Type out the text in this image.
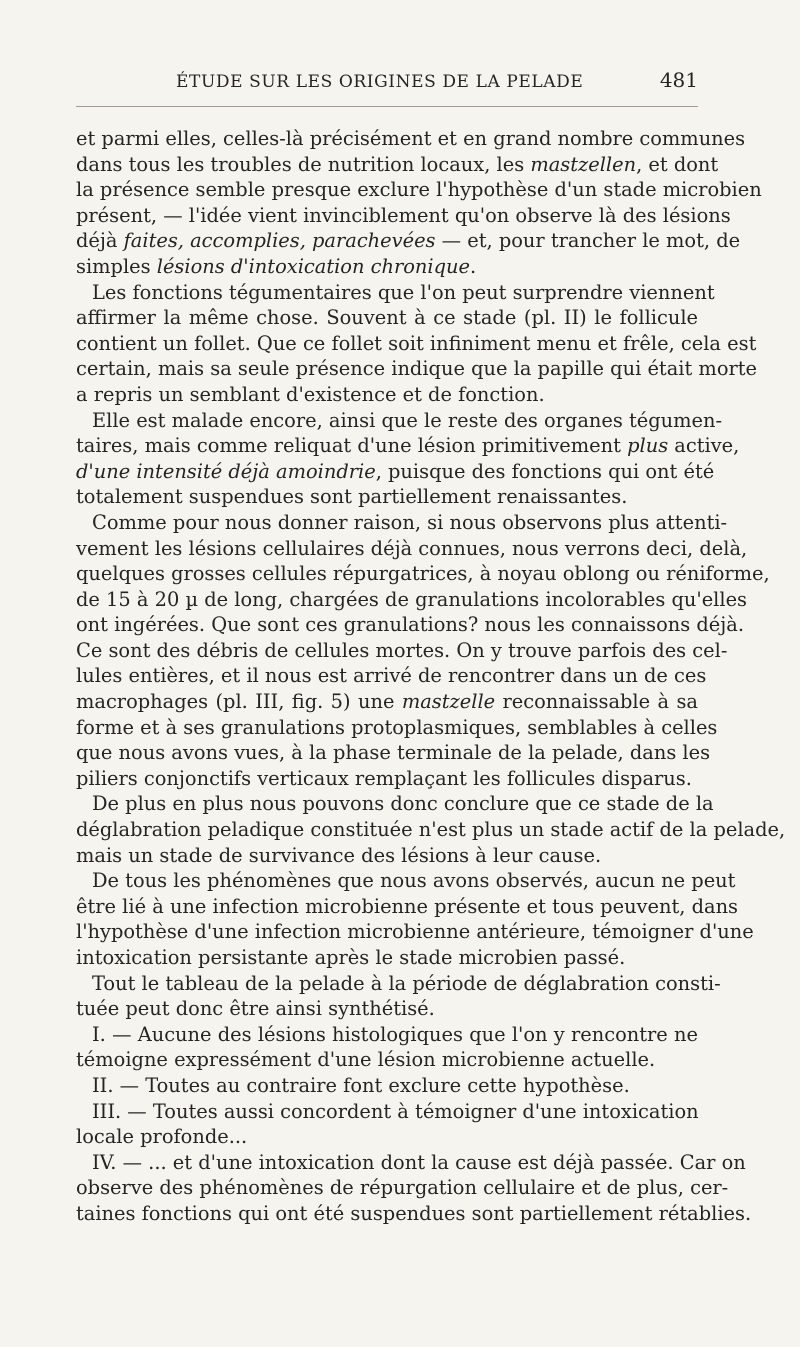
ÉTUDE SUR LES ORIGINES DE LA PELADE	481
et parmi elles, celles-là précisément et en grand nombre communes
dans tous les troubles de nutrition locaux, les mastzellen, et dont
la présence semble presque exclure l'hypothèse d'un stade microbien
présent, — l'idée vient invinciblement qu'on observe là des lésions
déjà faites, accomplies, parachevées — et, pour trancher le mot, de
simples lésions d'intoxication chronique.
Les fonctions tégumentaires que l'on peut surprendre viennent
affirmer la même chose. Souvent à ce stade (pl. II) le follicule
contient un follet. Que ce follet soit infiniment menu et frêle, cela est
certain, mais sa seule présence indique que la papille qui était morte
a repris un semblant d'existence et de fonction.
Elle est malade encore, ainsi que le reste des organes tégumen-
taires, mais comme reliquat d'une lésion primitivement plus active,
d'une intensité déjà amoindrie, puisque des fonctions qui ont été
totalement suspendues sont partiellement renaissantes.
Comme pour nous donner raison, si nous observons plus attenti-
vement les lésions cellulaires déjà connues, nous verrons deci, delà,
quelques grosses cellules répurgatrices, à noyau oblong ou réniforme,
de 15 à 20 µ de long, chargées de granulations incolorables qu'elles
ont ingérées. Que sont ces granulations? nous les connaissons déjà.
Ce sont des débris de cellules mortes. On y trouve parfois des cel-
lules entières, et il nous est arrivé de rencontrer dans un de ces
macrophages (pl. III, fig. 5) une mastzelle reconnaissable à sa
forme et à ses granulations protoplasmiques, semblables à celles
que nous avons vues, à la phase terminale de la pelade, dans les
piliers conjonctifs verticaux remplaçant les follicules disparus.
De plus en plus nous pouvons donc conclure que ce stade de la
déglabration peladique constituée n'est plus un stade actif de la pelade,
mais un stade de survivance des lésions à leur cause.
De tous les phénomènes que nous avons observés, aucun ne peut
être lié à une infection microbienne présente et tous peuvent, dans
l'hypothèse d'une infection microbienne antérieure, témoigner d'une
intoxication persistante après le stade microbien passé.
Tout le tableau de la pelade à la période de déglabration consti-
tuée peut donc être ainsi synthétisé.
I. — Aucune des lésions histologiques que l'on y rencontre ne
témoigne expressément d'une lésion microbienne actuelle.
II. — Toutes au contraire font exclure cette hypothèse.
III. — Toutes aussi concordent à témoigner d'une intoxication
locale profonde...
IV. — ... et d'une intoxication dont la cause est déjà passée. Car on
observe des phénomènes de répurgation cellulaire et de plus, cer-
taines fonctions qui ont été suspendues sont partiellement rétablies.
